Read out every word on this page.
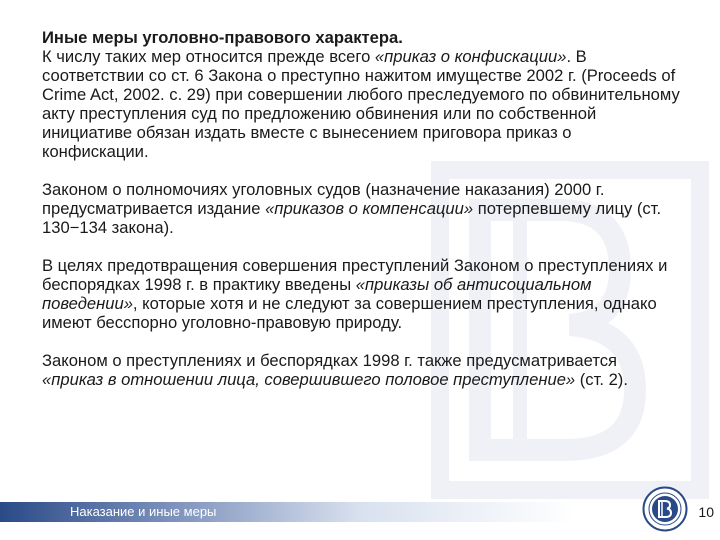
Иные меры уголовно-правового характера.

К числу таких мер относится прежде всего «приказ о конфискации». В соответствии со ст. 6 Закона о преступно нажитом имуществе 2002 г. (Proceeds of Crime Act, 2002. с. 29) при совершении любого преследуемого по обвинительному акту преступления суд по предложению обвинения или по собственной инициативе обязан издать вместе с вынесением приговора приказ о конфискации.

Законом о полномочиях уголовных судов (назначение наказания) 2000 г. предусматривается издание «приказов о компенсации» потерпевшему лицу (ст. 130−134 закона).

В целях предотвращения совершения преступлений Законом о преступлениях и беспорядках 1998 г. в практику введены «приказы об антисоциальном поведении», которые хотя и не следуют за совершением преступления, однако имеют бесспорно уголовно-правовую природу.

Законом о преступлениях и беспорядках 1998 г. также предусматривается «приказ в отношении лица, совершившего половое преступление» (ст. 2).

Наказание и иные меры	10
